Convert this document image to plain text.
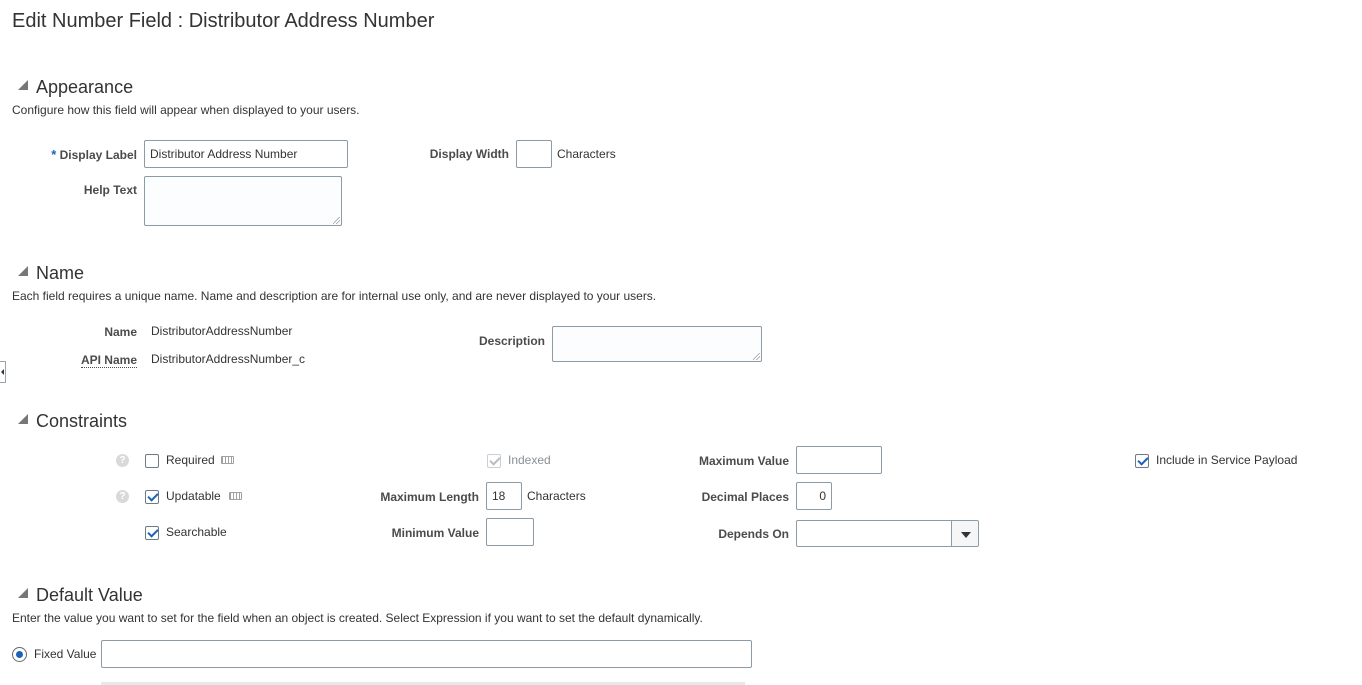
Edit Number Field : Distributor Address Number
Appearance
Configure how this field will appear when displayed to your users.
* Display Label	Distributor Address Number	Display Width	Characters
Help Text
Name
Each field requires a unique name. Name and description are for internal use only, and are never displayed to your users.
Name DistributorAddressNumber
API Name DistributorAddressNumber_c
Description
Constraints
?	Required	Indexed	Maximum Value	Include in Service Payload
?	Updatable	Maximum Length	18	Characters	Decimal Places	0
Searchable	Minimum Value	Depends On
Default Value
Enter the value you want to set for the field when an object is created. Select Expression if you want to set the default dynamically.
Fixed Value
